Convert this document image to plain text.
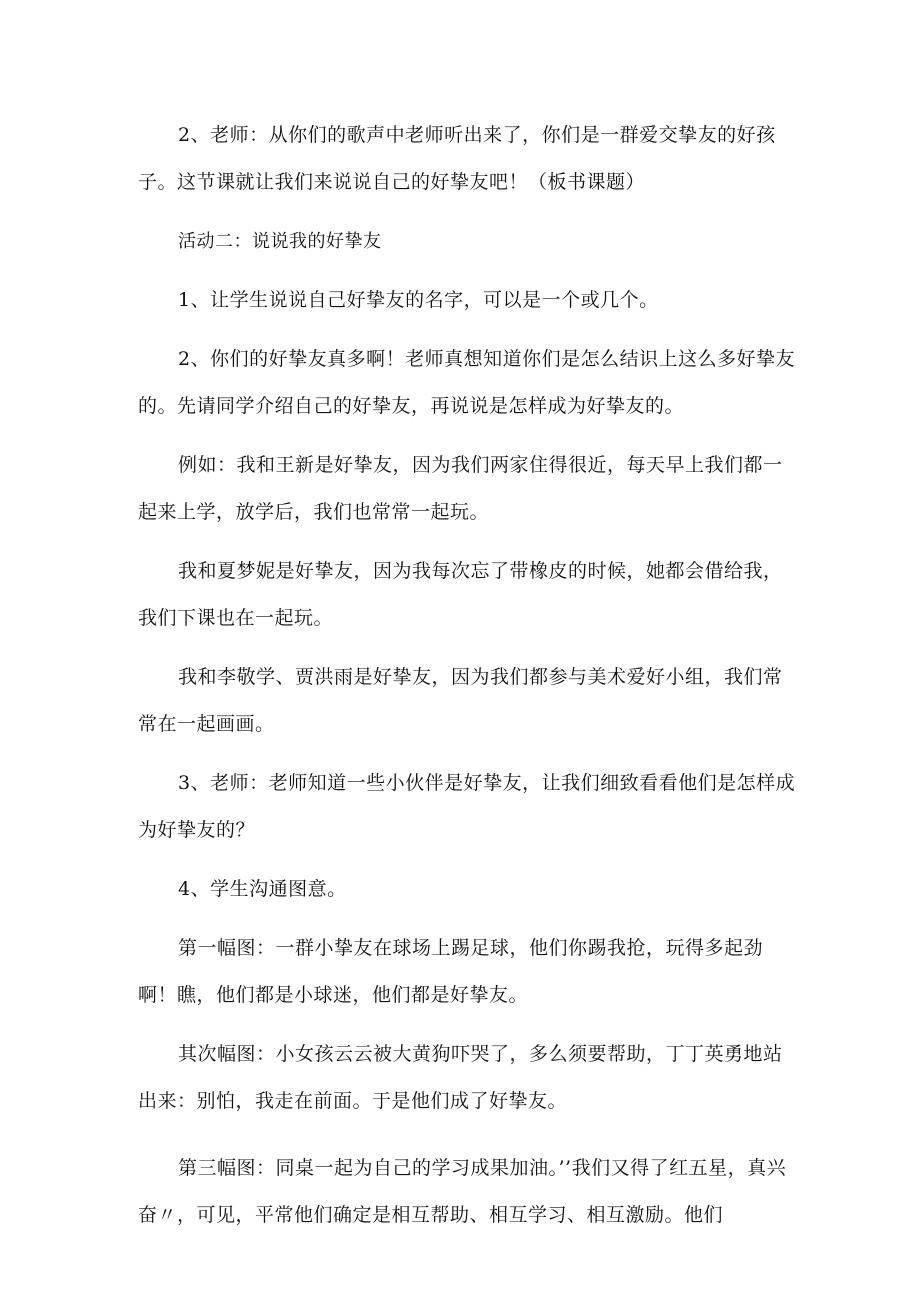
2、老师：从你们的歌声中老师听出来了，你们是一群爱交挚友的好孩子。这节课就让我们来说说自己的好挚友吧！（板书课题）

活动二：说说我的好挚友

1、让学生说说自己好挚友的名字，可以是一个或几个。

2、你们的好挚友真多啊！老师真想知道你们是怎么结识上这么多好挚友的。先请同学介绍自己的好挚友，再说说是怎样成为好挚友的。

例如：我和王新是好挚友，因为我们两家住得很近，每天早上我们都一起来上学，放学后，我们也常常一起玩。

我和夏梦妮是好挚友，因为我每次忘了带橡皮的时候，她都会借给我，我们下课也在一起玩。

我和李敬学、贾洪雨是好挚友，因为我们都参与美术爱好小组，我们常常在一起画画。

3、老师：老师知道一些小伙伴是好挚友，让我们细致看看他们是怎样成为好挚友的？

4、学生沟通图意。

第一幅图：一群小挚友在球场上踢足球，他们你踢我抢，玩得多起劲啊！瞧，他们都是小球迷，他们都是好挚友。

其次幅图：小女孩云云被大黄狗吓哭了，多么须要帮助，丁丁英勇地站出来：别怕，我走在前面。于是他们成了好挚友。

第三幅图：同桌一起为自己的学习成果加油。’’我们又得了红五星，真兴奋〃，可见，平常他们确定是相互帮助、相互学习、相互激励。他们
